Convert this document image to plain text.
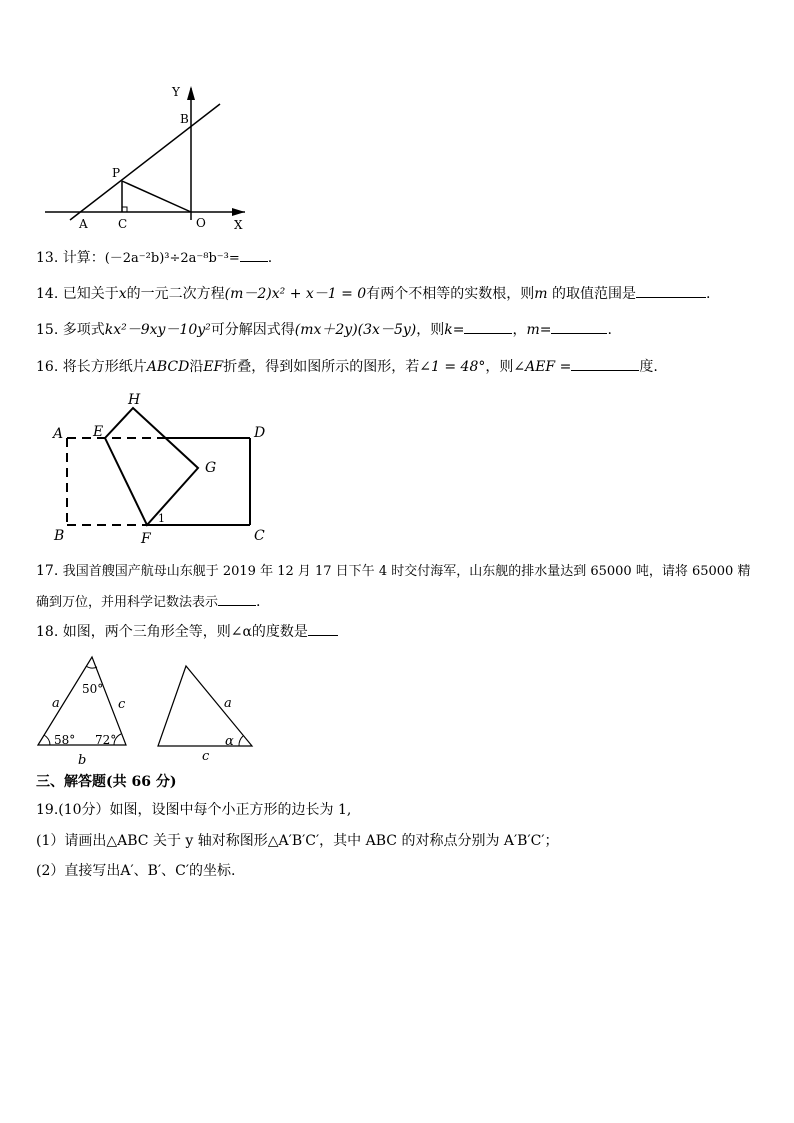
Y
B
P
A	C	O X
13. 计算：(－2a⁻²b)³÷2a⁻⁸b⁻³= .
14. 已知关于x的一元二次方程(m－2)x² + x－1 = 0有两个不相等的实数根，则m 的取值范围是	.
15. 多项式kx²－9xy－10y²可分解因式得(mx＋2y)(3x－5y)，则k=	，m=	.
16. 将长方形纸片ABCD沿EF折叠，得到如图所示的图形，若∠1 = 48°，则∠AEF =	度.
A E
H
D
G
B	F
1
C
17. 我国首艘国产航母山东舰于 2019 年 12 月 17 日下午 4 时交付海军，山东舰的排水量达到 65000 吨，请将 65000 精
确到万位，并用科学记数法表示	.
18. 如图，两个三角形全等，则∠α的度数是
a	c
b
50°
58° 72°
a
c
α
三、解答题(共 66 分)
19.(10分）如图，设图中每个小正方形的边长为 1,
(1）请画出△ABC 关于 y 轴对称图形△A′B′C′，其中 ABC 的对称点分别为 A′B′C′；
(2）直接写出A′、B′、C′的坐标.
